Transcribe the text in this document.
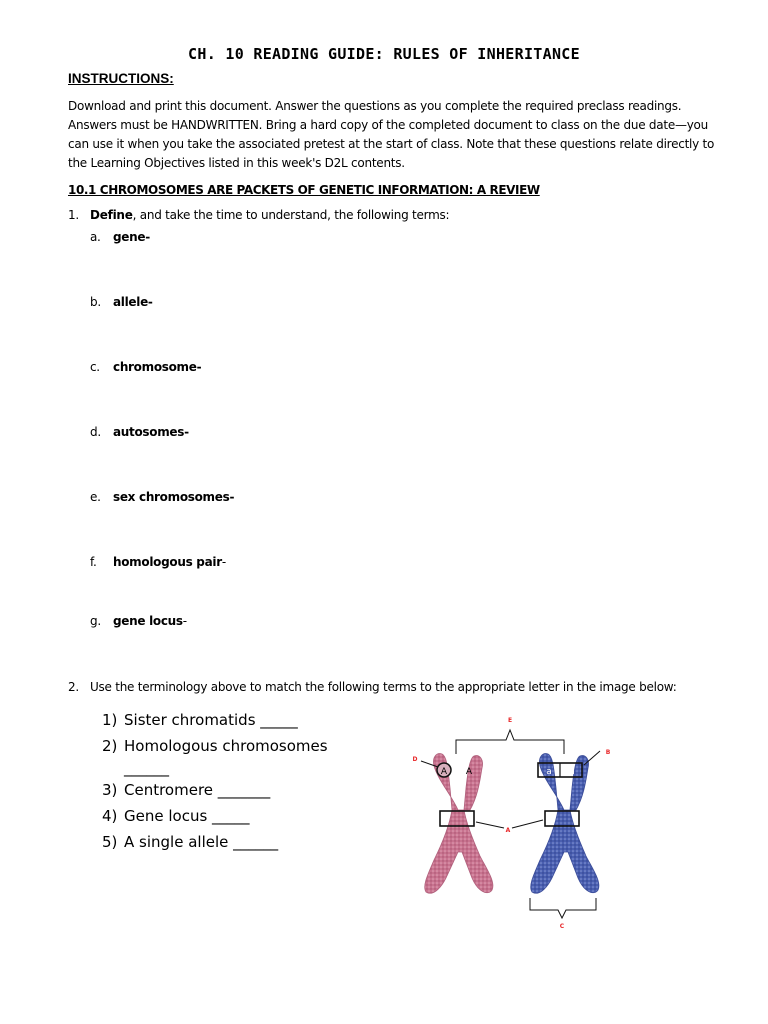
CH. 10 READING GUIDE: RULES OF INHERITANCE
INSTRUCTIONS:
Download and print this document. Answer the questions as you complete the required preclass readings.
Answers must be HANDWRITTEN. Bring a hard copy of the completed document to class on the due date—you
can use it when you take the associated pretest at the start of class. Note that these questions relate directly to
the Learning Objectives listed in this week's D2L contents.
10.1 CHROMOSOMES ARE PACKETS OF GENETIC INFORMATION: A REVIEW
1. Define, and take the time to understand, the following terms:
a. gene-
b. allele-
c. chromosome-
d. autosomes-
e. sex chromosomes-
f. homologous pair-
g. gene locus-
2. Use the terminology above to match the following terms to the appropriate letter in the image below:
1) Sister chromatids _____
2) Homologous chromosomes
______
3) Centromere _______
4) Gene locus _____
5) A single allele ______
A A	a a
A
B
D
E
C
